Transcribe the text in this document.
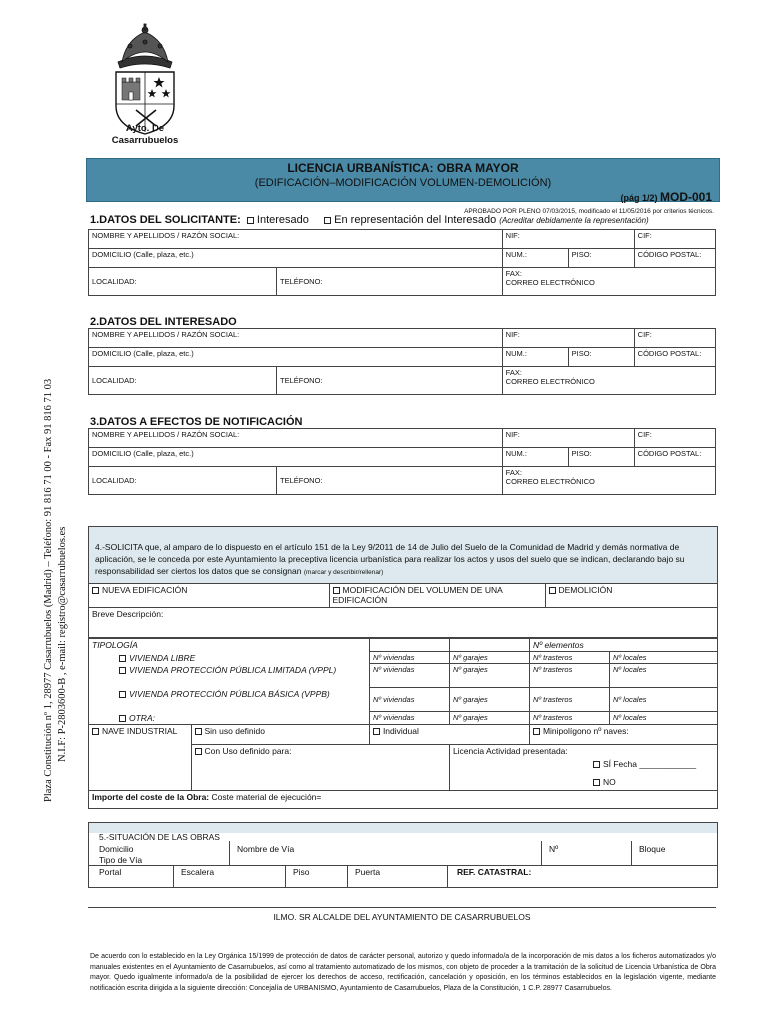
Plaza Constitución nº 1, 28977 Casarrubuelos (Madrid) – Teléfono: 91 816 71 00 - Fax 91 816 71 03 N.I.F: P-2803600-B , e-mail: registro@casarrubuelos.es
Ayto. De
Casarrubuelos
LICENCIA URBANÍSTICA: OBRA MAYOR
(EDIFICACIÓN–MODIFICACIÓN VOLUMEN-DEMOLICIÓN)
(pág 1/2) MOD-001
APROBADO POR PLENO 07/03/2015, modificado el 11/05/2016 por criterios técnicos.
1.DATOS DEL SOLICITANTE: Interesado En representación del Interesado (Acreditar debidamente la representación)
NOMBRE Y APELLIDOS / RAZÓN SOCIAL:		NIF:		CIF:
DOMICILIO (Calle, plaza, etc.)		NUM.:	PISO:	CÓDIGO POSTAL:
LOCALIDAD:	TELÉFONO:	FAX:
CORREO ELECTRÓNICO		
2.DATOS DEL INTERESADO
NOMBRE Y APELLIDOS / RAZÓN SOCIAL:		NIF:		CIF:
DOMICILIO (Calle, plaza, etc.)		NUM.:	PISO:	CÓDIGO POSTAL:
LOCALIDAD:	TELÉFONO:	FAX:
CORREO ELECTRÓNICO		
3.DATOS A EFECTOS DE NOTIFICACIÓN
NOMBRE Y APELLIDOS / RAZÓN SOCIAL:		NIF:		CIF:
DOMICILIO (Calle, plaza, etc.)		NUM.:	PISO:	CÓDIGO POSTAL:
LOCALIDAD:	TELÉFONO:	FAX:
CORREO ELECTRÓNICO		
4.-SOLICITA que, al amparo de lo dispuesto en el artículo 151 de la Ley 9/2011 de 14 de Julio del Suelo de la Comunidad de Madrid y demás normativa de aplicación, se le conceda por este Ayuntamiento la preceptiva licencia urbanística para realizar los actos y usos del suelo que se indican, declarando bajo su responsabilidad ser ciertos los datos que se consignan (marcar y describir/rellenar)
NUEVA EDIFICACIÓN	MODIFICACIÓN DEL VOLUMEN DE UNA EDIFICACIÓN	DEMOLICIÓN
Breve Descripción:
TIPOLOGÍA				Nº elementos	
VIVIENDA LIBRE		Nº viviendas	Nº garajes	Nº trasteros	Nº locales
VIVIENDA PROTECCIÓN PÚBLICA LIMITADA (VPPL)		Nº viviendas	Nº garajes	Nº trasteros	Nº locales
VIVIENDA PROTECCIÓN PÚBLICA BÁSICA (VPPB)		Nº viviendas	Nº garajes	Nº trasteros	Nº locales
OTRA:		Nº viviendas	Nº garajes	Nº trasteros	Nº locales
NAVE INDUSTRIAL	Sin uso definido	Individual		Minipolígono nº naves:	
	Con Uso definido para:		Licencia Actividad presentada:
SÍ Fecha ____________
NO		

Importe del coste de la Obra: Coste material de ejecución=					
5.-SITUACIÓN DE LAS OBRAS
Domicilio
Tipo de Vía
Nombre de Vía	Nº	Bloque
Portal	Escalera	Piso	Puerta	REF. CATASTRAL:
ILMO. SR ALCALDE DEL AYUNTAMIENTO DE CASARRUBUELOS
De acuerdo con lo establecido en la Ley Orgánica 15/1999 de protección de datos de carácter personal, autorizo y quedo informado/a de la incorporación de mis datos a los ficheros automatizados y/o manuales existentes en el Ayuntamiento de Casarrubuelos, así como al tratamiento automatizado de los mismos, con objeto de proceder a la tramitación de la solicitud de Licencia Urbanística de Obra mayor. Quedo igualmente informado/a de la posibilidad de ejercer los derechos de acceso, rectificación, cancelación y oposición, en los términos establecidos en la legislación vigente, mediante notificación escrita dirigida a la siguiente dirección: Concejalía de URBANISMO, Ayuntamiento de Casarrubuelos, Plaza de la Constitución, 1 C.P. 28977 Casarrubuelos.
